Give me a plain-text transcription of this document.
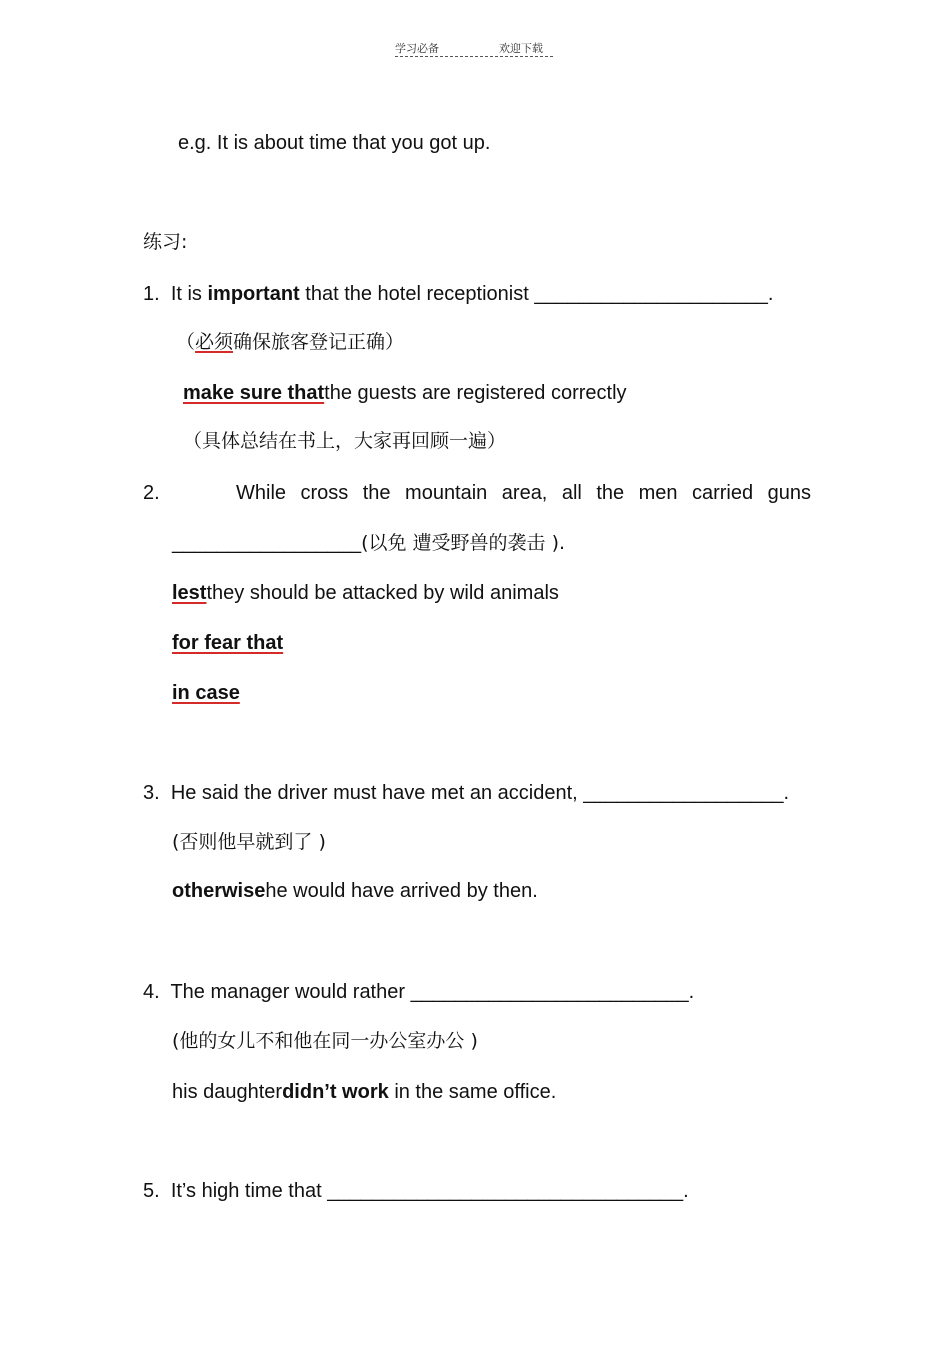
学习必备	欢迎下载
e.g. It is about time that you got up.
练习:
1. It is important that the hotel receptionist _____________________.
（必须确保旅客登记正确）
make sure thatthe guests are registered correctly
（具体总结在书上，大家再回顾一遍）
2.	While cross the mountain area, all the men carried guns
_________________(以免 遭受野兽的袭击 ).
lestthey should be attacked by wild animals
for fear that
in case
3. He said the driver must have met an accident, __________________.
(否则他早就到了 )
otherwisehe would have arrived by then.
4. The manager would rather _________________________.
(他的女儿不和他在同一办公室办公 )
his daughterdidn’t work in the same office.
5. It’s high time that ________________________________.
